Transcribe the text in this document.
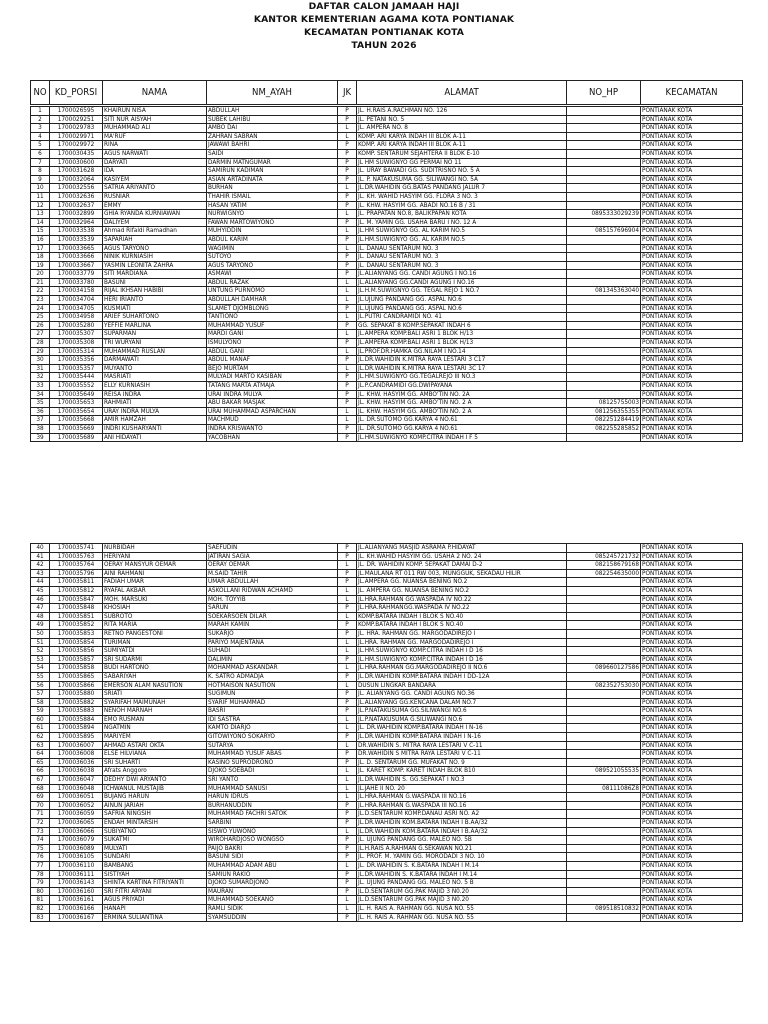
DAFTAR CALON JAMAAH HAJI
KANTOR KEMENTERIAN AGAMA KOTA PONTIANAK
KECAMATAN PONTIANAK KOTA
TAHUN 2026
NO	KD_PORSI	NAMA	NM_AYAH	JK	ALAMAT	NO_HP	KECAMATAN
1	1700026595	KHAIRUN NISA	ABDULLAH	P	JL. H.RAIS A.RACHMAN NO. 126		PONTIANAK KOTA
2	1700029251	SITI NUR AISYAH	SUBEK LAHIBU	P	JL. PETANI NO. 5		PONTIANAK KOTA
3	1700029783	MUHAMMAD ALI	AMBO DAI	L	JL. AMPERA NO. 8		PONTIANAK KOTA
4	1700029971	MA'RUF	ZAHRAN SABRAN	L	KOMP. ARI KARYA INDAH III BLOK A-11		PONTIANAK KOTA
5	1700029972	RINA	JAWAWI BAHRI	P	KOMP. ARI KARYA INDAH III BLOK A-11		PONTIANAK KOTA
6	1700030435	AGUS NARWATI	SAIDI	P	KOMP. SENTARUM SEJAHTERA II BLOK E-10		PONTIANAK KOTA
7	1700030600	DARYATI	DARMIN MATNGUMAR	P	JL HM SUWIGNYO GG PERMAI NO 11		PONTIANAK KOTA
8	1700031628	IDA	SAMIRUN KADIMAN	P	JL. URAY BAWADI GG. SUDITRISNO NO. 5 A		PONTIANAK KOTA
9	1700032064	KASIYEM	ASIAN ARTADINATA	P	JL. P. NATAKUSUMA GG. SILIWANGI NO. 5A		PONTIANAK KOTA
10	1700032556	SATRIA ARIYANTO	BURHAN	L	JL.DR.WAHIDIN GG.BATAS PANDANG JALUR 7		PONTIANAK KOTA
11	1700032636	RUSNIAR	THAHIR ISMAIL	P	JL. KH. WAHID HASYIM GG. FLORA 3 NO. 3		PONTIANAK KOTA
12	1700032637	EMMY	HASAN YATIM	P	JL. KHW. HASYIM GG. ABADI NO.16 B / 31		PONTIANAK KOTA
13	1700032899	GHIA RYANDA KURNIAWAN	NURWIGNYO	L	JL. PRAPATAN NO.8, BALIKPAPAN KOTA	0895333029239	PONTIANAK KOTA
14	1700032964	DALIYEM	FAWAN MARTOWIYONO	P	JL. M. YAMIN GG. USAHA BARU I NO. 12 A		PONTIANAK KOTA
15	1700033538	Ahmad Rifaldi Ramadhan	MUHYIDDIN	L	JL.HM SUWIGNYO GG. AL KARIM NO.5	085157696904	PONTIANAK KOTA
16	1700033539	SAPARIAH	ABDUL KARIM	P	JL.HM.SUWIGNYO GG. AL KARIM NO.5		PONTIANAK KOTA
17	1700033665	AGUS TARYONO	WAGIMIN	L	JL. DANAU SENTARUM NO. 3		PONTIANAK KOTA
18	1700033666	NINIK KURNIASIH	SUTOYO	P	JL. DANAU SENTARUM NO. 3		PONTIANAK KOTA
19	1700033667	YASMIN LEONITA ZAHRA	AGUS TARYONO	P	JL. DANAU SENTARUM NO. 3		PONTIANAK KOTA
20	1700033779	SITI MARDIANA	ASMAWI	P	JL.ALIANYANG GG. CANDI AGUNG I NO.16		PONTIANAK KOTA
21	1700033780	BASUNI	ABDUL RAZAK	L	JL.ALIANYANG GG.CANDI AGUNG I NO.16		PONTIANAK KOTA
22	1700034158	RIJAL IKHSAN HABIBI	UNTUNG PURNOMO	L	JL.H.M.SUWIGNYO GG. TEGAL REJO 1 NO.7	081345363040	PONTIANAK KOTA
23	1700034704	HERI IRIANTO	ABDULLAH DAMHAR	L	JL.UJUNG PANDANG GG. ASPAL NO.6		PONTIANAK KOTA
24	1700034705	KUSMIATI	SLAMET DJOMBLONG	P	JL.UJUNG PANDANG GG. ASPAL NO.6		PONTIANAK KOTA
25	1700034958	ARIEF SUHARTONO	TANTIONO	L	JL.PUTRI CANDRAMIDI NO. 41		PONTIANAK KOTA
26	1700035280	YEFFIE MARLINA	MUHAMMAD YUSUF	P	GG. SEPAKAT 8 KOMP.SEPAKAT INDAH 6		PONTIANAK KOTA
27	1700035307	SUPARMAN	MARDI GANI	L	JL.AMPERA KOMP.BALI ASRI 1 BLOK H/13		PONTIANAK KOTA
28	1700035308	TRI WURYANI	ISMULYONO	P	JL.AMPERA KOMP.BALI ASRI 1 BLOK H/13		PONTIANAK KOTA
29	1700035314	MUHAMMAD RUSLAN	ABDUL GANI	L	JL.PROF.DR.HAMKA GG.NILAM I NO.14		PONTIANAK KOTA
30	1700035356	DARMAWATI	ABDUL MANAF	P	JL.DR.WAHIDIN K.MITRA RAYA LESTARI 3 C17		PONTIANAK KOTA
31	1700035357	MUYANTO	BEJO MURTAM	L	JL.DR.WAHIDIN K.MITRA RAYA LESTARI 3C 17		PONTIANAK KOTA
32	1700035444	MASRIATI	MULYADI MARTO KASIBAN	P	JL.HM.SUWIGNYO GG.TEGALREJO III NO.3		PONTIANAK KOTA
33	1700035552	ELLY KURNIASIH	TATANG MARTA ATMAJA	P	JL.P.CANDRAMIDI GG.DWIPAYANA		PONTIANAK KOTA
34	1700035649	REISA INDRA	URAI INDRA MULYA	P	JL. KHW. HASYIM GG. AMBO'TIN NO. 2A		PONTIANAK KOTA
35	1700035653	RAHMIATI	ABU BAKAR MASJAK	P	JL. KHW. HASYIM GG. AMBO'TIN NO. 2 A	08125755003	PONTIANAK KOTA
36	1700035654	URAY INDRA MULYA	URAI MUHAMMAD ASPARCHAN	L	JL. KHW. HASYIM GG. AMBO'TIN NO. 2 A	081256355355	PONTIANAK KOTA
37	1700035668	AMIR HAMZAH	MACHMUD	L	JL. DR.SUTOMO GG.KARYA 4 NO.61	082251284419	PONTIANAK KOTA
38	1700035669	INDRI KUSHARYANTI	INDRA KRISWANTO	P	JL. DR.SUTOMO GG.KARYA 4 NO.61	082255285852	PONTIANAK KOTA
39	1700035689	ANI HIDAYATI	YACOBHAN	P	JL.HM.SUWIGNYO KOMP.CITRA INDAH I F 5		PONTIANAK KOTA
40	1700035741	NURBIDAH	SAEFUDIN	P	JL.ALIANYANG MASJID ASRAMA P.HIDAYAT		PONTIANAK KOTA
41	1700035763	HERIYANI	JATIRAN SAGIA	P	JL. KH.WAHID HASYIM GG. USAHA 2 NO. 24	085245721732	PONTIANAK KOTA
42	1700035764	OERAY MANSYUR OEMAR	OERAY OEMAR	L	JL. DR. WAHIDIN KOMP. SEPAKAT DAMAI D-2	082158679168	PONTIANAK KOTA
43	1700035796	AINI RAHMANI	M.SAID TAHIR	P	JL.MAULANA RT 011 RW 003, MUNGGUK, SEKADAU HILIR	082254635000	PONTIANAK KOTA
44	1700035811	FADIAH UMAR	UMAR ABDULLAH	P	JL.AMPERA GG. NUANSA BENING NO.2		PONTIANAK KOTA
45	1700035812	RYAFAL AKBAR	ASKOLLANI RIDWAN ACHAMD	L	JL. AMPERA GG. NUANSA BENING NO.2		PONTIANAK KOTA
46	1700035847	MOH. MARSUKI	MOH. TOYYIB	L	JL.HRA.RAHMAN GG.WASPADA IV NO.22		PONTIANAK KOTA
47	1700035848	KHOSIAH	SARUN	P	JL.HRA.RAHMANGG.WASPADA IV NO.22		PONTIANAK KOTA
48	1700035851	SUBROTO	SOEKARSOEN DILAR	L	KOMP.BATARA INDAH I BLOK S NO.40		PONTIANAK KOTA
49	1700035852	RITA MARIA	MARAH KAMIN	P	KOMP.BATARA INDAH I BLOK S NO.40		PONTIANAK KOTA
50	1700035853	RETNO PANGESTONI	SUKARJO	P	JL. HRA. RAHMAN GG. MARGODADIREJO I		PONTIANAK KOTA
51	1700035854	TURIMAN	PARIYO MAJENTANA	L	JL.HRA. RAHMAN GG. MARGODADIREJO I		PONTIANAK KOTA
52	1700035856	SUMIYATDI	SUHADI	L	JL.HM.SUWIGNYO KOMP.CITRA INDAH I D 16		PONTIANAK KOTA
53	1700035857	SRI SUDARMI	DALIMIN	P	JL.HM.SUWIGNYO KOMP.CITRA INDAH I D 16		PONTIANAK KOTA
54	1700035858	BUDI HARTONO	MOHAMMAD ASKANDAR	L	JL.HRA.RAHMAN GG.MARGODADIREJO II NO.6	089660127586	PONTIANAK KOTA
55	1700035865	SABARIYAH	K. SATRO ADMADJA	P	JL.DR.WAHIDIN KOMP.BATARA INDAH I DD-12A		PONTIANAK KOTA
56	1700035866	EMERSON ALAM NASUTION	HOTMAISON NASUTION	L	DUSUN LINGKAR BANDARA	082352753030	PONTIANAK KOTA
57	1700035880	SRIATI	SUGIMUN	P	JL. ALIANYANG GG. CANDI AGUNG NO.36		PONTIANAK KOTA
58	1700035882	SYARIFAH MAIMUNAH	SYARIF MUHAMMAD	P	JL.ALIANYANG GG.KENCANA DALAM NO.7		PONTIANAK KOTA
59	1700035883	NENOH MARNAH	BASRI	P	JL.P.NATAKUSUMA GG.SILIWANGI NO.6		PONTIANAK KOTA
60	1700035884	EMO RUSMAN	IDI SASTRA	L	JL.P.NATAKUSUMA G.SILIWANGI NO.6		PONTIANAK KOTA
61	1700035894	NGATMIN	KAMTO DIARJO	L	JL. DR.WAHIDIN KOMP.BATARA INDAH I N-16		PONTIANAK KOTA
62	1700035895	MARIYEM	GITOWIYONO SOKARYO	P	JL.DR.WAHIDIN KOMP.BATARA INDAH I N-16		PONTIANAK KOTA
63	1700036007	AHMAD ASTARI OKTA	SUTARYA	L	DR.WAHIDIN S. MITRA RAYA LESTARI V C-11		PONTIANAK KOTA
64	1700036008	ELSE HILVIANA	MUHAMMAD YUSUF ABAS	P	DR.WAHIDIN S MITRA RAYA LESTARI V C-11		PONTIANAK KOTA
65	1700036036	SRI SUHARTI	KASINO SUPRODRONO	P	JL. D. SENTARUM GG. MUFAKAT NO. 9		PONTIANAK KOTA
66	1700036038	Afrats Anggoro	DJOKO SOEBADI	L	JL. KARET KOMP. KARET INDAH BLOK B10	089521055535	PONTIANAK KOTA
67	1700036047	DEDHY DWI ARYANTO	SRI YANTO	L	JL.DR.WAHIDIN S. GG.SEPAKAT I NO.3		PONTIANAK KOTA
68	1700036048	ICHWANUL MUSTAJIB	MUHAMMAD SANUSI	L	JL.JAHE II NO. 20	08111086Z8	PONTIANAK KOTA
69	1700036051	BUJANG HARUN	HARUN IDRUS	L	JL.HRA.RAHMAN G.WASPADA III NO.16		PONTIANAK KOTA
70	1700036052	AINUN JARIAH	BURHANUDDIN	P	JL.HRA.RAHMAN G.WASPADA III NO.16		PONTIANAK KOTA
71	1700036059	SAFRIA NINGSIH	MUHAMMAD FACHRI SATOK	P	JL.D.SENTARUM KOMP.DANAU ASRI NO. A2		PONTIANAK KOTA
72	1700036065	ENDAH MINTARSIH	SARBINI	P	JL.DR.WAHIDIN KOM.BATARA INDAH I B.AA/32		PONTIANAK KOTA
73	1700036066	SUBIYATNO	SISWO YUWONO	L	JL.DR.WAHIDIN KOM.BATARA INDAH I B.AA/32		PONTIANAK KOTA
74	1700036079	SUKATMI	WIROHARDJOSO WONGSO	P	JL. UJUNG PANDANG GG. MALEO NO. 5B		PONTIANAK KOTA
75	1700036089	MULYATI	PAIJO BAKRI	P	JL.H.RAIS A.RAHMAN G.SEKAWAN NO.21		PONTIANAK KOTA
76	1700036105	SUNDARI	BASUNI SIDI	P	JL. PROF. M. YAMIN GG. MORODADI 3 NO. 10		PONTIANAK KOTA
77	1700036110	BAMBANG	MUHAMMAD ADAM ABU	L	JL. DR.WAHIDIN S. K.BATARA INDAH I M.14		PONTIANAK KOTA
78	1700036111	SISTIYAH	SAMIUN RAKIO	P	JL.DR.WAHIDIN S. K.BATARA INDAH I M.14		PONTIANAK KOTA
79	1700036143	SHINTA KARTINA FITRIYANTI	DJOKO SUMARDJONO	P	JL. UJUNG PANDANG GG. MALEO NO. 5 B		PONTIANAK KOTA
80	1700036160	SRI FITRI ARYANI	MAURAN	P	JL.D.SENTARUM GG.PAK MAJID 3 N0.20		PONTIANAK KOTA
81	1700036161	AGUS PRIYADI	MUHAMMAD SOEKANO	L	JL.D.SENTARUM GG.PAK MAJID 3 N0.20		PONTIANAK KOTA
82	1700036166	HANAPI	RAMLI SIDIK	L	JL. H. RAIS A. RAHMAN GG. NUSA NO. 55	089518510832	PONTIANAK KOTA
83	1700036167	ERMINA SULIANTINA	SYAMSUDDIN	P	JL. H. RAIS A. RAHMAN GG. NUSA NO. 55		PONTIANAK KOTA
